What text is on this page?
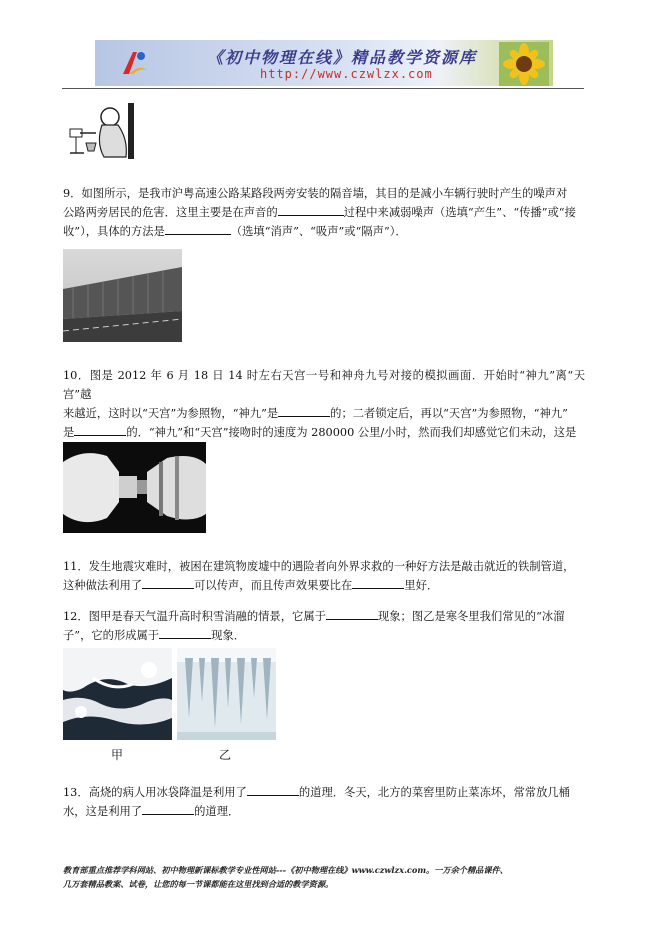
《初中物理在线》精品教学资源库
http://www.czwlzx.com
9．如图所示，是我市沪粤高速公路某路段两旁安装的隔音墙，其目的是减小车辆行驶时产生的噪声对
公路两旁居民的危害．这里主要是在声音的	过程中来减弱噪声（选填“产生”、“传播”或“接
收”），具体的方法是	（选填“消声”、“吸声”或“隔声”）．
10．图是 2012 年 6 月 18 日 14 时左右天宫一号和神舟九号对接的模拟画面．开始时“神九”离“天宫”越
来越近，这时以“天宫”为参照物，“神九”是	的；二者锁定后，再以“天宫”为参照物，“神九”
是	的．“神九”和“天宫”接吻时的速度为 280000 公里/小时，然而我们却感觉它们未动，这是

11．发生地震灾难时，被困在建筑物废墟中的遇险者向外界求救的一种好方法是敲击就近的铁制管道，
这种做法利用了	可以传声，而且传声效果要比在	里好．
12．图甲是春天气温升高时积雪消融的情景，它属于	现象；图乙是寒冬里我们常见的“冰溜
子”，它的形成属于	现象．
甲	乙
13．高烧的病人用冰袋降温是利用了	的道理．冬天，北方的菜窖里防止菜冻坏，常常放几桶
水，这是利用了	的道理．
教育部重点推荐学科网站、初中物理新课标教学专业性网站---《初中物理在线》www.czwlzx.com。一万余个精品课件、
几万套精品教案、试卷，让您的每一节课都能在这里找到合适的教学资源。
